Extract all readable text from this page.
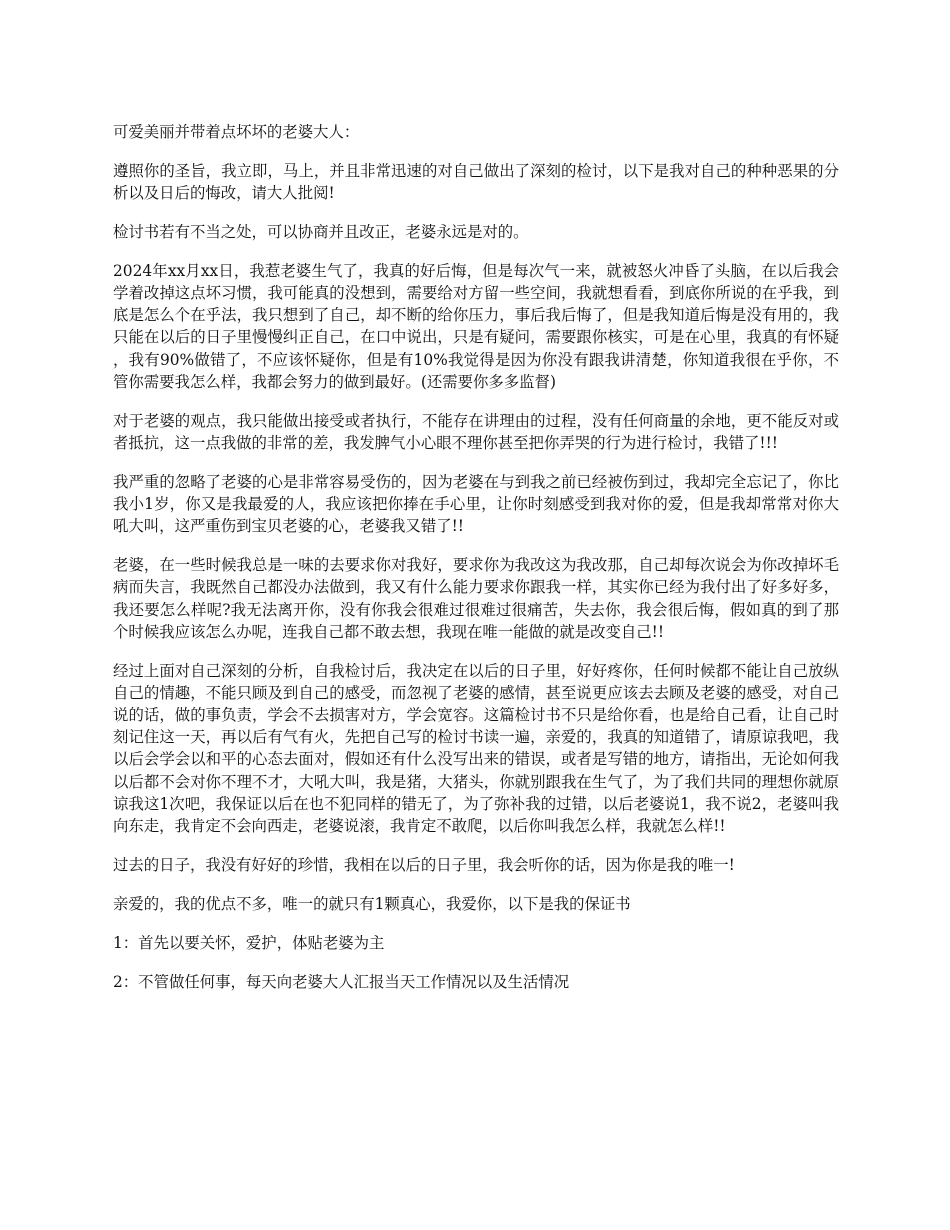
可爱美丽并带着点坏坏的老婆大人：

遵照你的圣旨，我立即，马上，并且非常迅速的对自己做出了深刻的检讨，以下是我对自己的种种恶果的分析以及日后的悔改，请大人批阅!

检讨书若有不当之处，可以协商并且改正，老婆永远是对的。

2024年xx月xx日，我惹老婆生气了，我真的好后悔，但是每次气一来，就被怒火冲昏了头脑，在以后我会学着改掉这点坏习惯，我可能真的没想到，需要给对方留一些空间，我就想看看，到底你所说的在乎我，到底是怎么个在乎法，我只想到了自己，却不断的给你压力，事后我后悔了，但是我知道后悔是没有用的，我只能在以后的日子里慢慢纠正自己，在口中说出，只是有疑问，需要跟你核实，可是在心里，我真的有怀疑，我有90%做错了，不应该怀疑你，但是有10%我觉得是因为你没有跟我讲清楚，你知道我很在乎你，不管你需要我怎么样，我都会努力的做到最好。(还需要你多多监督)

对于老婆的观点，我只能做出接受或者执行，不能存在讲理由的过程，没有任何商量的余地，更不能反对或者抵抗，这一点我做的非常的差，我发脾气小心眼不理你甚至把你弄哭的行为进行检讨，我错了!!!

我严重的忽略了老婆的心是非常容易受伤的，因为老婆在与到我之前已经被伤到过，我却完全忘记了，你比我小1岁，你又是我最爱的人，我应该把你捧在手心里，让你时刻感受到我对你的爱，但是我却常常对你大吼大叫，这严重伤到宝贝老婆的心，老婆我又错了!!

老婆，在一些时候我总是一味的去要求你对我好，要求你为我改这为我改那，自己却每次说会为你改掉坏毛病而失言，我既然自己都没办法做到，我又有什么能力要求你跟我一样，其实你已经为我付出了好多好多，我还要怎么样呢?我无法离开你，没有你我会很难过很难过很痛苦，失去你，我会很后悔，假如真的到了那个时候我应该怎么办呢，连我自己都不敢去想，我现在唯一能做的就是改变自己!!

经过上面对自己深刻的分析，自我检讨后，我决定在以后的日子里，好好疼你，任何时候都不能让自己放纵自己的情趣，不能只顾及到自己的感受，而忽视了老婆的感情，甚至说更应该去去顾及老婆的感受，对自己说的话，做的事负责，学会不去损害对方，学会宽容。这篇检讨书不只是给你看，也是给自己看，让自己时刻记住这一天，再以后有气有火，先把自己写的检讨书读一遍，亲爱的，我真的知道错了，请原谅我吧，我以后会学会以和平的心态去面对，假如还有什么没写出来的错误，或者是写错的地方，请指出，无论如何我以后都不会对你不理不才，大吼大叫，我是猪，大猪头，你就别跟我在生气了，为了我们共同的理想你就原谅我这1次吧，我保证以后在也不犯同样的错无了，为了弥补我的过错，以后老婆说1，我不说2，老婆叫我向东走，我肯定不会向西走，老婆说滚，我肯定不敢爬，以后你叫我怎么样，我就怎么样!!

过去的日子，我没有好好的珍惜，我相在以后的日子里，我会听你的话，因为你是我的唯一!

亲爱的，我的优点不多，唯一的就只有1颗真心，我爱你，以下是我的保证书

1：首先以要关怀，爱护，体贴老婆为主

2：不管做任何事，每天向老婆大人汇报当天工作情况以及生活情况
